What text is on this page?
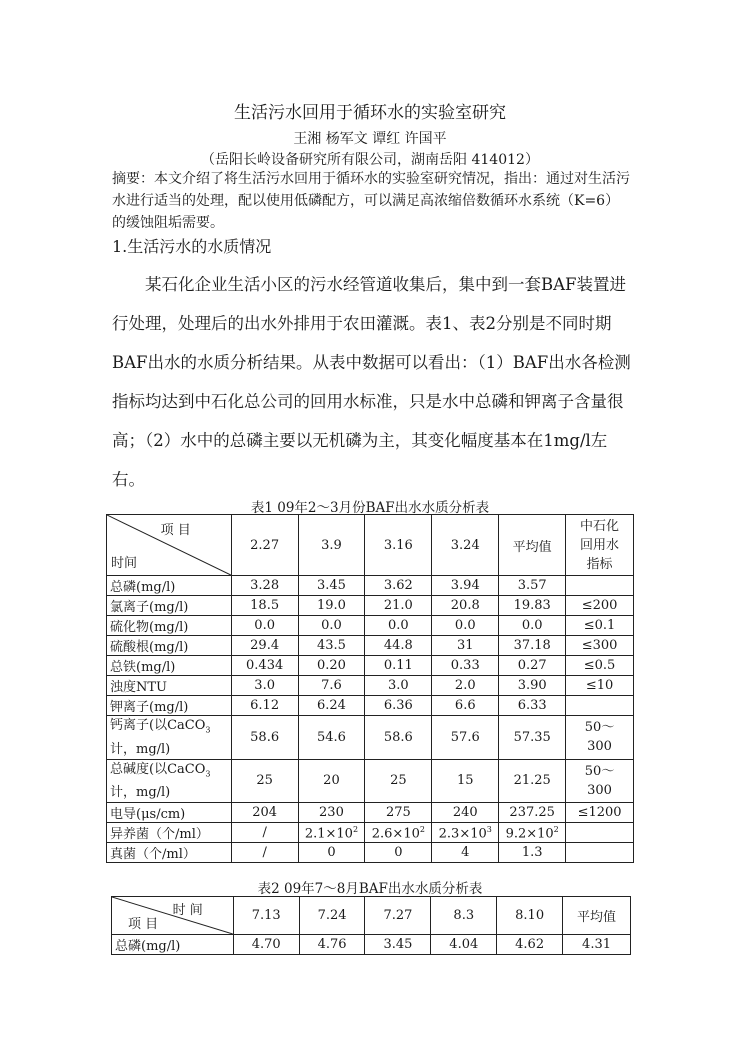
生活污水回用于循环水的实验室研究
王湘 杨军文 谭红 许国平
（岳阳长岭设备研究所有限公司，湖南岳阳 414012）
摘要：本文介绍了将生活污水回用于循环水的实验室研究情况，指出：通过对生活污水进行适当的处理，配以使用低磷配方，可以满足高浓缩倍数循环水系统（K=6）的缓蚀阻垢需要。
1.生活污水的水质情况
某石化企业生活小区的污水经管道收集后，集中到一套BAF装置进行处理，处理后的出水外排用于农田灌溉。表1、表2分别是不同时期BAF出水的水质分析结果。从表中数据可以看出：（1）BAF出水各检测指标均达到中石化总公司的回用水标准，只是水中总磷和钾离子含量很高；（2）水中的总磷主要以无机磷为主，其变化幅度基本在1mg/l左右。
表1 09年2～3月份BAF出水水质分析表
项 目
时间	2.27	3.9	3.16	3.24	平均值	中石化
回用水
指标
总磷(mg/l)	3.28	3.45	3.62	3.94	3.57	
氯离子(mg/l)	18.5	19.0	21.0	20.8	19.83	≤200
硫化物(mg/l)	0.0	0.0	0.0	0.0	0.0	≤0.1
硫酸根(mg/l)	29.4	43.5	44.8	31	37.18	≤300
总铁(mg/l)	0.434	0.20	0.11	0.33	0.27	≤0.5
浊度NTU	3.0	7.6	3.0	2.0	3.90	≤10
钾离子(mg/l)	6.12	6.24	6.36	6.6	6.33	
钙离子(以CaCO$_3$
计，mg/l)	58.6	54.6	58.6	57.6	57.35	50～
300
总碱度(以CaCO$_3$
计，mg/l)	25	20	25	15	21.25	50～
300
电导(μs/cm)	204	230	275	240	237.25	≤1200
异养菌（个/ml）	/	$2.1\times 10^2$	$2.6\times 10^2$	$2.3\times 10^3$	$9.2\times 10^2$	
真菌（个/ml）	/	0	0	4	1.3	
表2 09年7～8月BAF出水水质分析表
时 间
项 目	7.13	7.24	7.27	8.3	8.10	平均值
总磷(mg/l)	4.70	4.76	3.45	4.04	4.62	4.31
